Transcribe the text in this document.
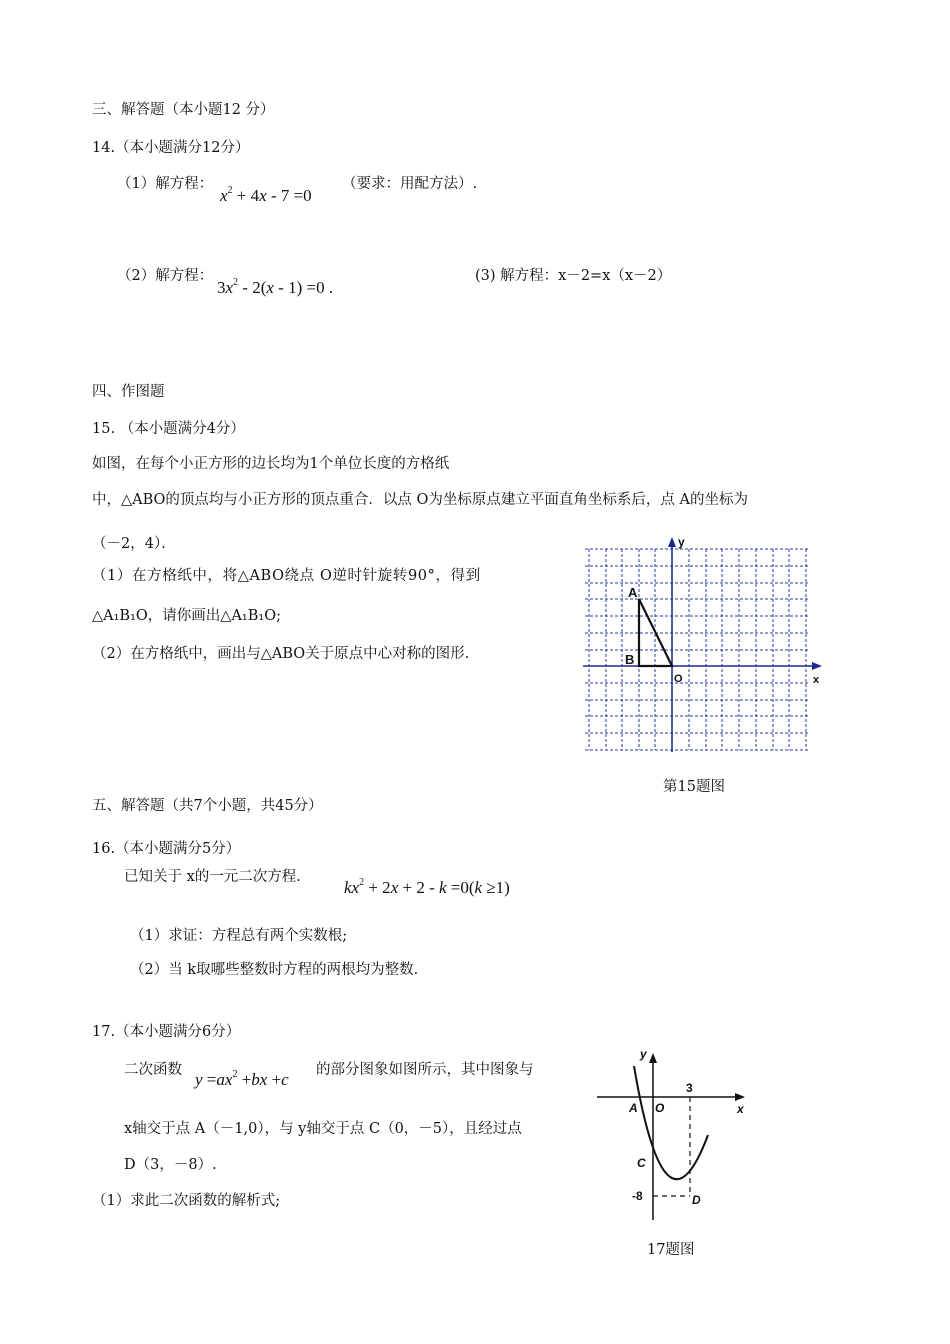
三、解答题（本小题12 分）
14.（本小题满分12分）
（1）解方程：
$x^2 + 4x - 7 =0$
（要求：用配方法）.
（2）解方程：
$3x^2 - 2(x - 1) =0$ .
(3) 解方程：x－2=x（x－2）
四、作图题
15. （本小题满分4分）
如图，在每个小正方形的边长均为1个单位长度的方格纸
中，△ABO的顶点均与小正方形的顶点重合．以点 O为坐标原点建立平面直角坐标系后，点 A的坐标为
（－2，4）．
（1）在方格纸中，将△ABO绕点 O逆时针旋转90°，得到
△A₁B₁O，请你画出△A₁B₁O;
（2）在方格纸中，画出与△ABO关于原点中心对称的图形.
A
B
O	x
y
第15题图
五、解答题（共7个小题，共45分）
16.（本小题满分5分）
已知关于 x的一元二次方程.
$kx^2 + 2x + 2 - k =0(k \ge 1)$
（1）求证：方程总有两个实数根;
（2）当 k取哪些整数时方程的两根均为整数.
17.（本小题满分6分）
二次函数 $y =ax^2 +bx +c$ 的部分图象如图所示，其中图象与
x轴交于点 A（－1,0），与 y轴交于点 C（0，－5），且经过点
D（3，－8）.
（1）求此二次函数的解析式;
y
x
A O
3
C
-8	D
17题图
